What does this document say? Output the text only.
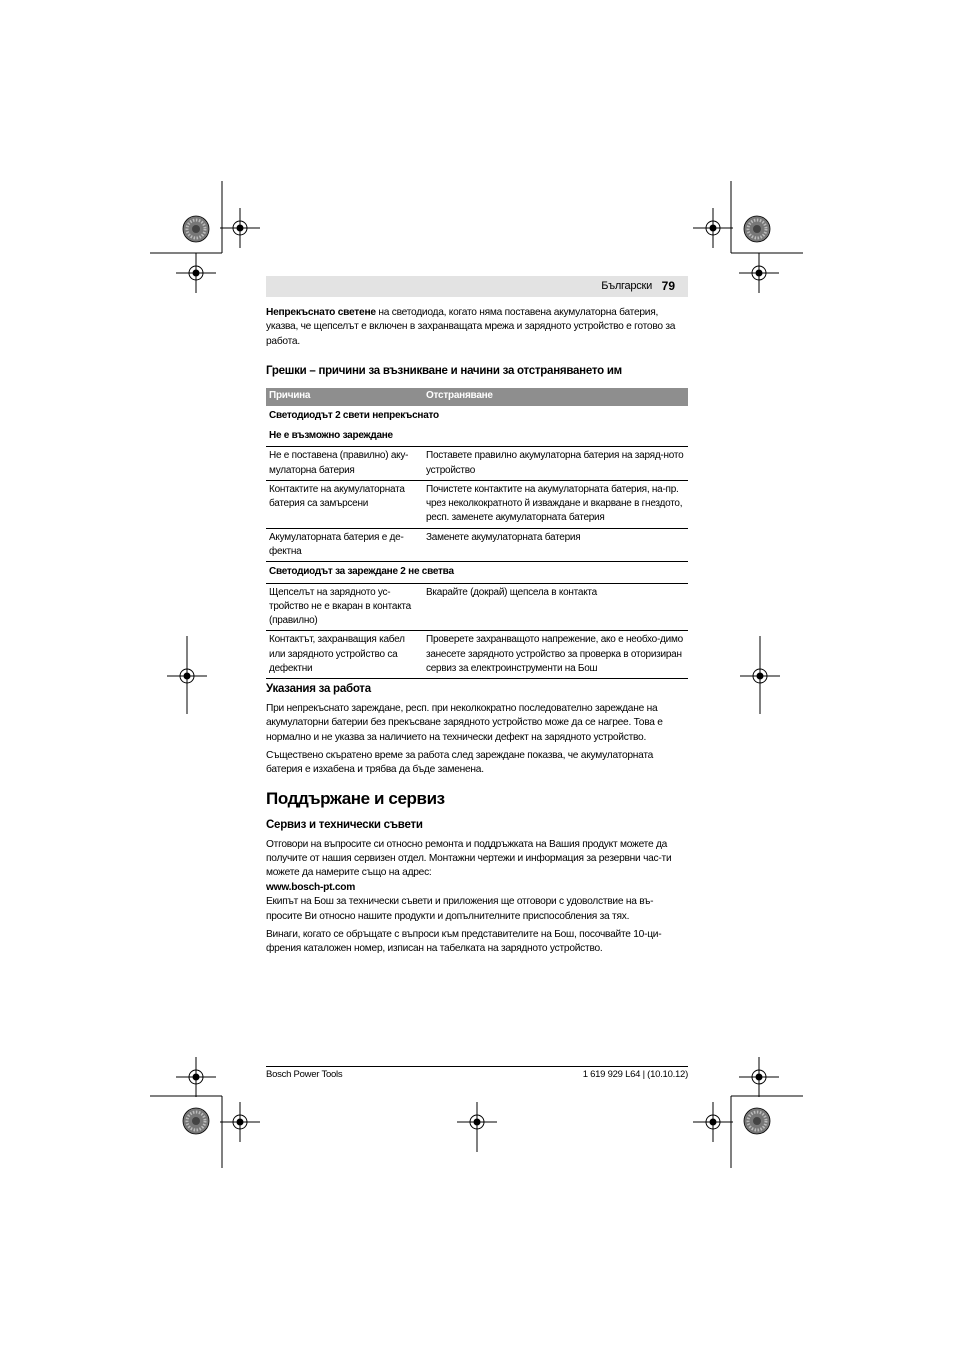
Български 79

Непрекъснато светене на светодиода, когато няма поставена акумулаторна батерия, указва, че щепселът е включен в захранващата мрежа и зарядното устройство е готово за работа.

Грешки – причини за възникване и начини за отстраняването им

Причина	Отстраняване
Светодиодът 2 свети непрекъснато	
Не е възможно зареждане	
Не е поставена (правилно) аку-мулаторна батерия	Поставете правилно акумулаторна батерия на заряд-ното устройство
Контактите на акумулаторната батерия са замърсени	Почистете контактите на акумулаторната батерия, на-пр. чрез неколкократното й изваждане и вкарване в гнездото, респ. заменете акумулаторната батерия
Акумулаторната батерия е де-фектна	Заменете акумулаторната батерия
Светодиодът за зареждане 2 не светва	
Щепселът на зарядното ус-тройство не е вкаран в контакта (правилно)	Вкарайте (докрай) щепсела в контакта
Контактът, захранващия кабел или зарядното устройство са дефектни	Проверете захранващото напрежение, ако е необхо-димо занесете зарядното устройство за проверка в оторизиран сервиз за електроинструменти на Бош

Указания за работа

При непрекъснато зареждане, респ. при неколкократно последователно зареждане на акумулаторни батерии без прекъсване зарядното устройство може да се нагрее. Това е нормално и не указва за наличието на технически дефект на зарядното устройство.

Съществено скъратено време за работа след зареждане показва, че акумулаторната батерия е изхабена и трябва да бъде заменена.

Поддържане и сервиз

Сервиз и технически съвети

Отговори на въпросите си относно ремонта и поддръжката на Вашия продукт можете да получите от нашия сервизен отдел. Монтажни чертежи и информация за резервни час-ти можете да намерите също на адрес:

www.bosch-pt.com

Екипът на Бош за технически съвети и приложения ще отговори с удоволствие на въ-просите Ви относно нашите продукти и допълнителните приспособления за тях.

Винаги, когато се обръщате с въпроси към представителите на Бош, посочвайте 10-ци-френия каталожен номер, изписан на табелката на зарядното устройство.

Bosch Power Tools	1 619 929 L64 | (10.10.12)
